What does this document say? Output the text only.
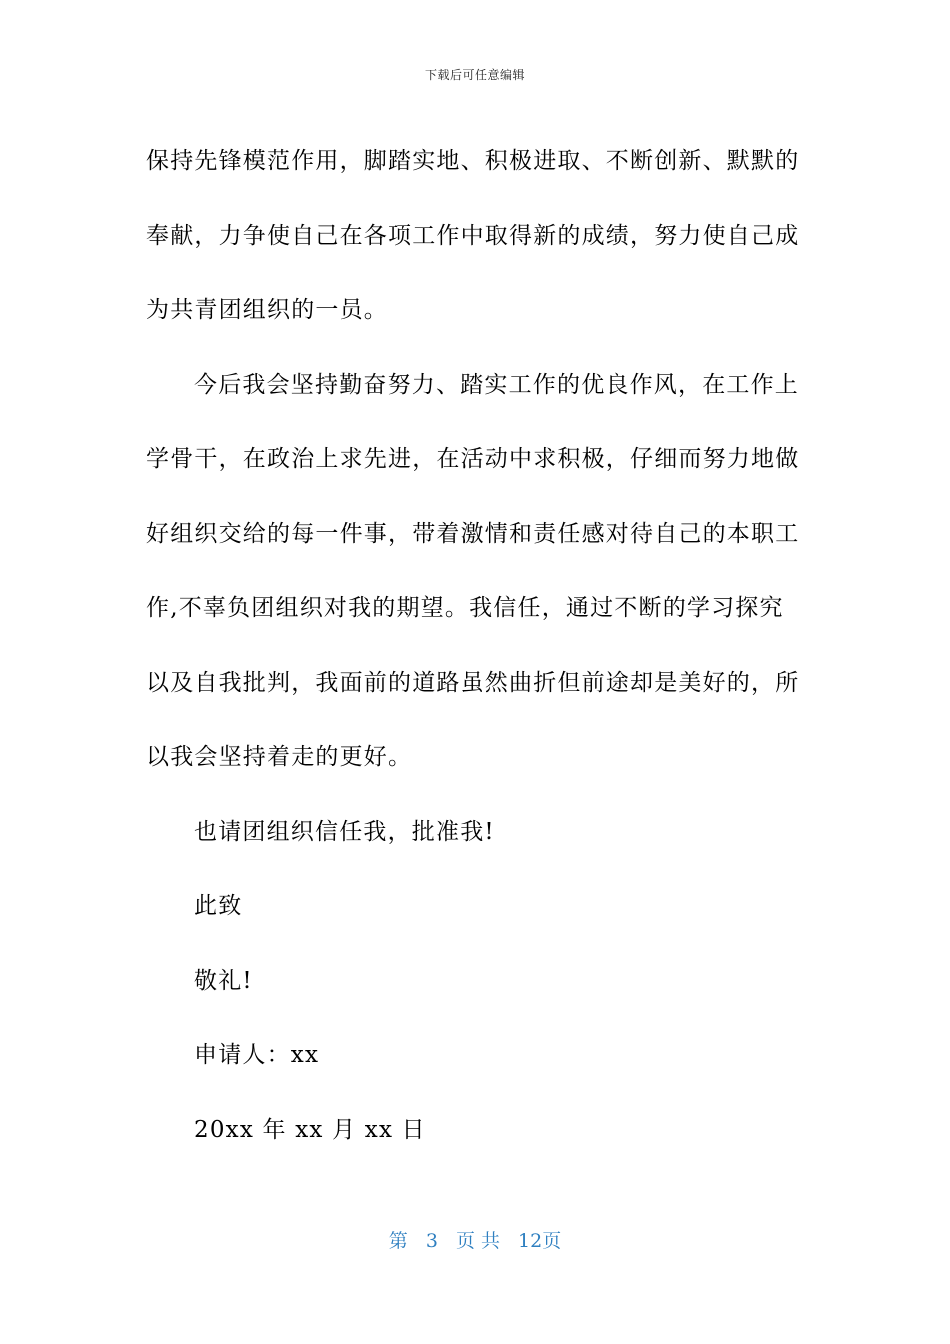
下载后可任意编辑

保持先锋模范作用，脚踏实地、积极进取、不断创新、默默的奉献，力争使自己在各项工作中取得新的成绩，努力使自己成为共青团组织的一员。

今后我会坚持勤奋努力、踏实工作的优良作风，在工作上学骨干，在政治上求先进，在活动中求积极，仔细而努力地做好组织交给的每一件事，带着激情和责任感对待自己的本职工作,不辜负团组织对我的期望。我信任，通过不断的学习探究以及自我批判，我面前的道路虽然曲折但前途却是美好的，所以我会坚持着走的更好。

也请团组织信任我，批准我!

此致

敬礼!

申请人：xx

20xx 年 xx 月 xx 日

第 3 页 共 12页
